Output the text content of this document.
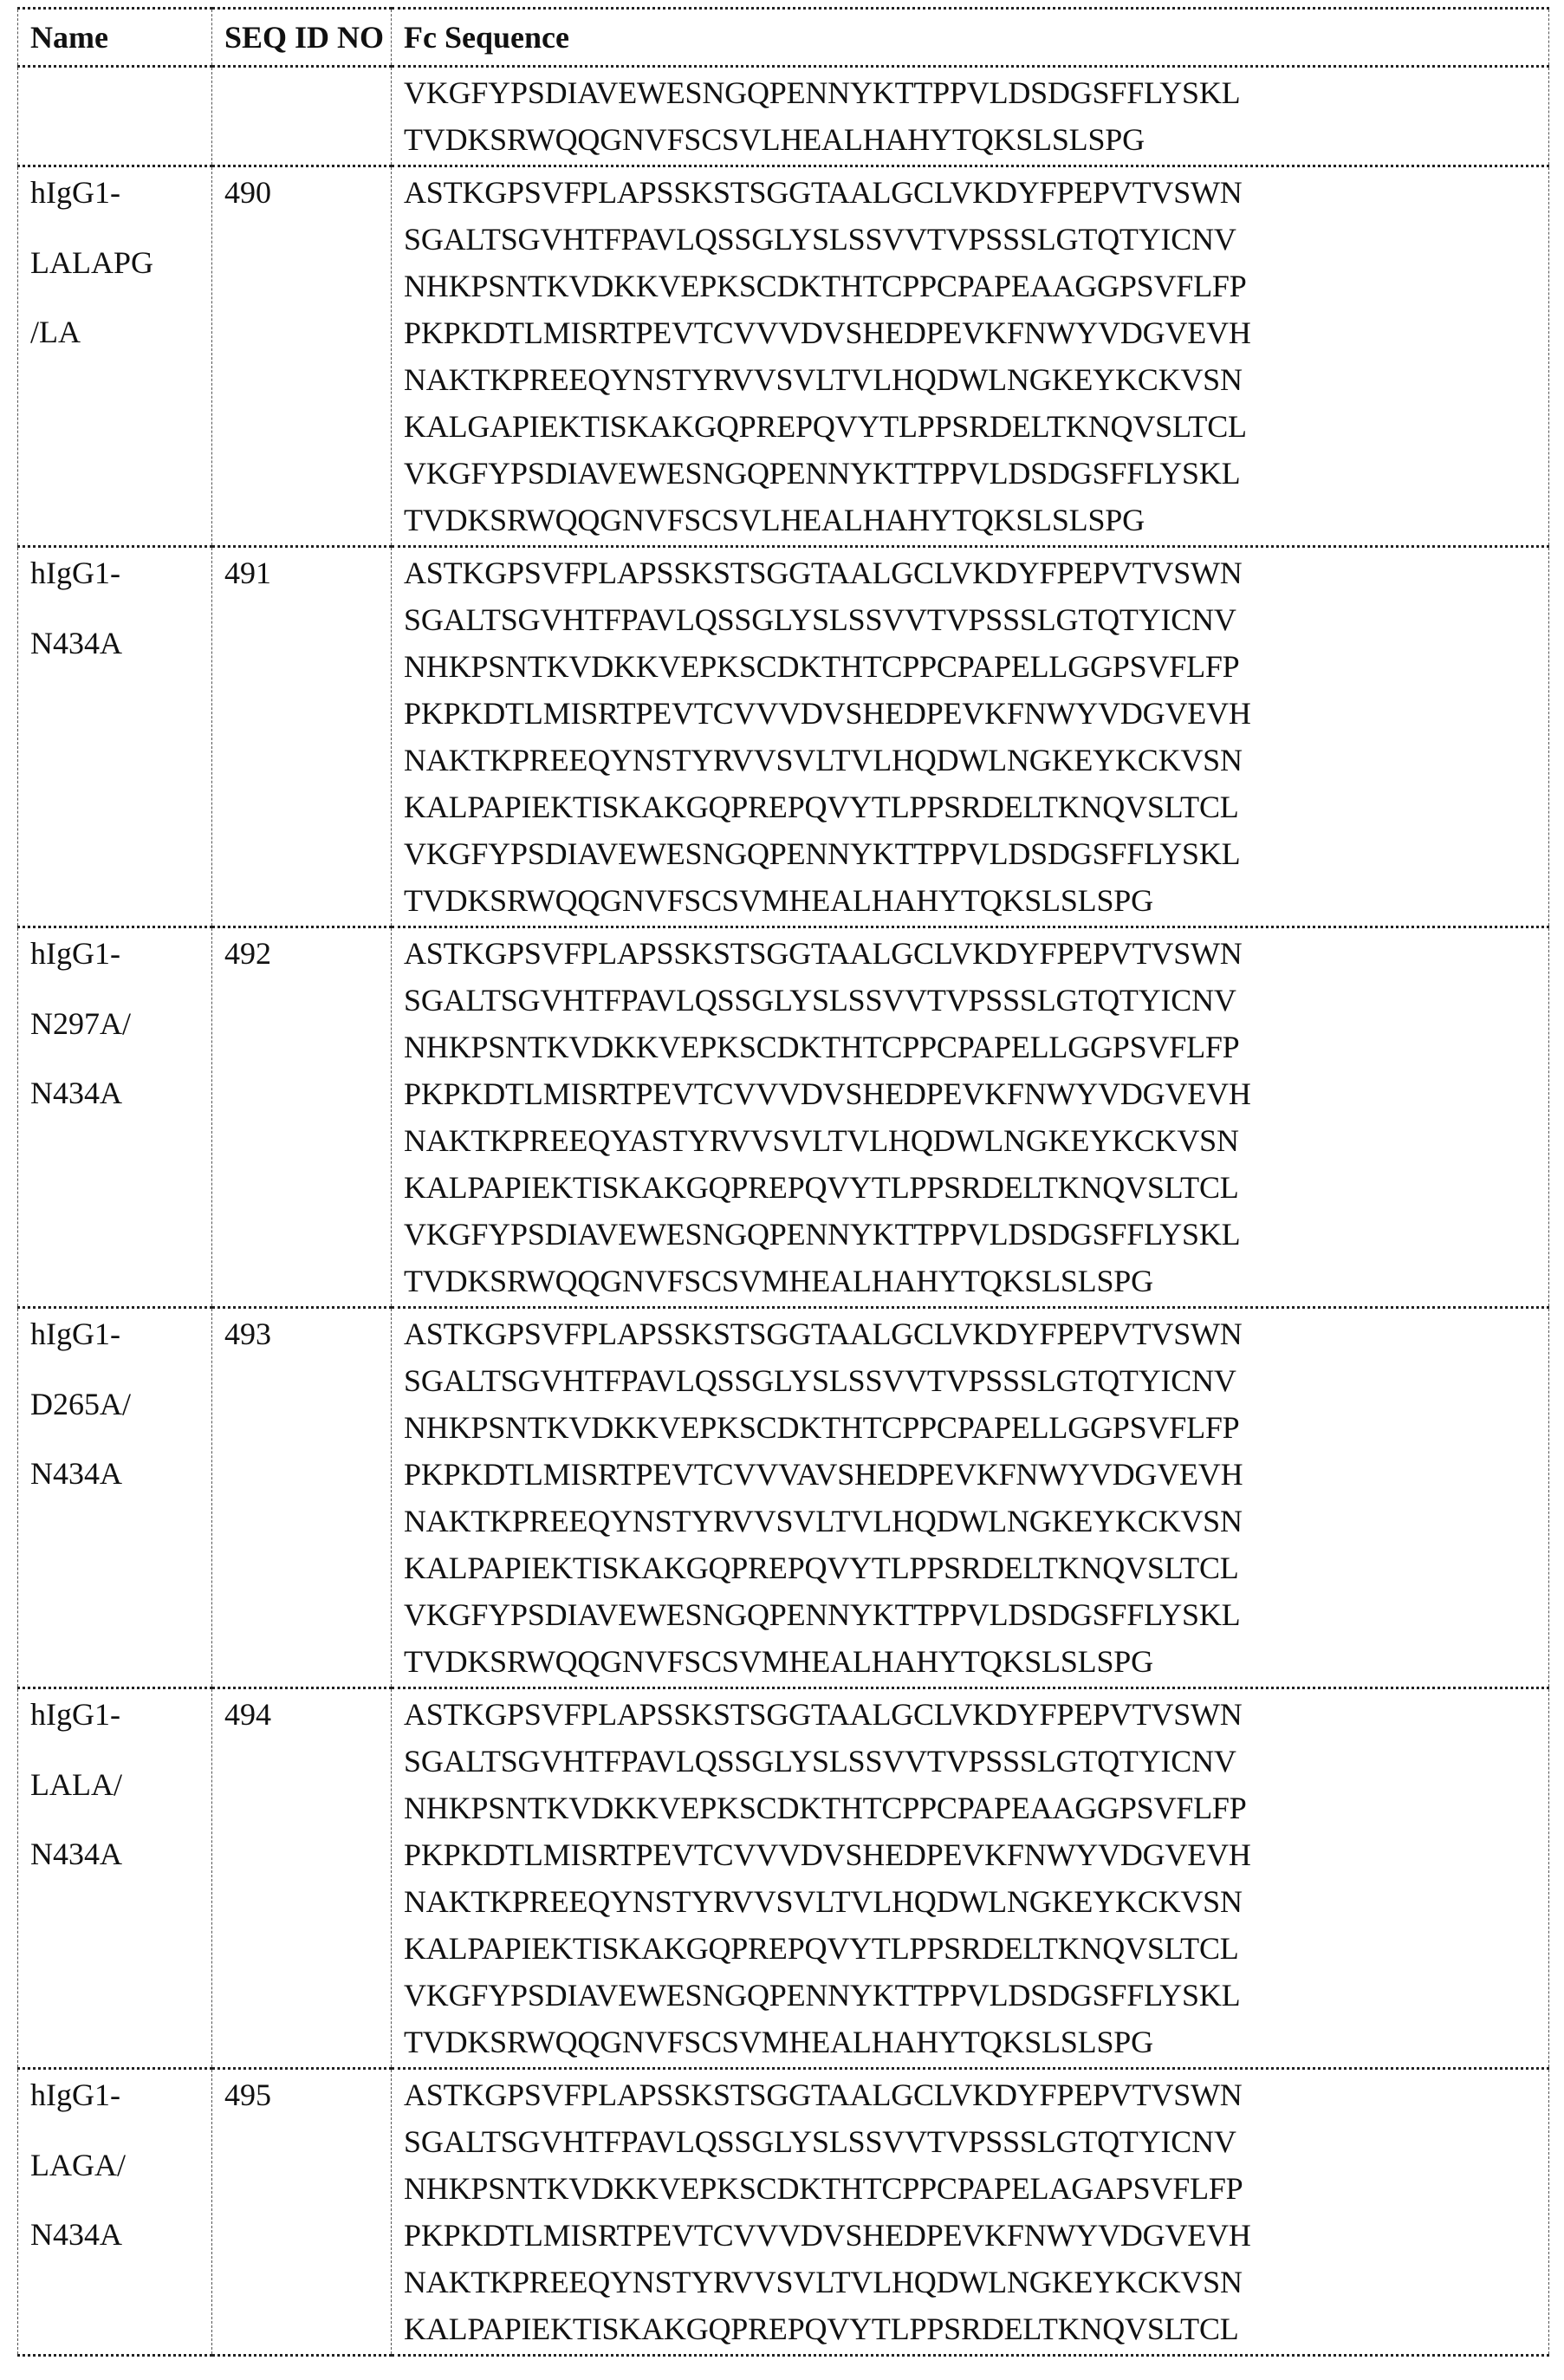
Name	SEQ ID NO	Fc Sequence

VKGFYPSDIAVEWESNGQPENNYKTTPPVLDSDGSFFLYSKL
TVDKSRWQQGNVFSCSVLHEALHAHYTQKSLSLSPG

hIgG1-
LALAPG
/LA
	490	ASTKGPSVFPLAPSSKSTSGGTAALGCLVKDYFPEPVTVSWN
SGALTSGVHTFPAVLQSSGLYSLSSVVTVPSSSLGTQTYICNV
NHKPSNTKVDKKVEPKSCDKTHTCPPCPAPEAAGGPSVFLFP
PKPKDTLMISRTPEVTCVVVDVSHEDPEVKFNWYVDGVEVH
NAKTKPREEQYNSTYRVVSVLTVLHQDWLNGKEYKCKVSN
KALGAPIEKTISKAKGQPREPQVYTLPPSRDELTKNQVSLTCL
VKGFYPSDIAVEWESNGQPENNYKTTPPVLDSDGSFFLYSKL
TVDKSRWQQGNVFSCSVLHEALHAHYTQKSLSLSPG

hIgG1-
N434A
	491	ASTKGPSVFPLAPSSKSTSGGTAALGCLVKDYFPEPVTVSWN
SGALTSGVHTFPAVLQSSGLYSLSSVVTVPSSSLGTQTYICNV
NHKPSNTKVDKKVEPKSCDKTHTCPPCPAPELLGGPSVFLFP
PKPKDTLMISRTPEVTCVVVDVSHEDPEVKFNWYVDGVEVH
NAKTKPREEQYNSTYRVVSVLTVLHQDWLNGKEYKCKVSN
KALPAPIEKTISKAKGQPREPQVYTLPPSRDELTKNQVSLTCL
VKGFYPSDIAVEWESNGQPENNYKTTPPVLDSDGSFFLYSKL
TVDKSRWQQGNVFSCSVMHEALHAHYTQKSLSLSPG

hIgG1-
N297A/
N434A
	492	ASTKGPSVFPLAPSSKSTSGGTAALGCLVKDYFPEPVTVSWN
SGALTSGVHTFPAVLQSSGLYSLSSVVTVPSSSLGTQTYICNV
NHKPSNTKVDKKVEPKSCDKTHTCPPCPAPELLGGPSVFLFP
PKPKDTLMISRTPEVTCVVVDVSHEDPEVKFNWYVDGVEVH
NAKTKPREEQYASTYRVVSVLTVLHQDWLNGKEYKCKVSN
KALPAPIEKTISKAKGQPREPQVYTLPPSRDELTKNQVSLTCL
VKGFYPSDIAVEWESNGQPENNYKTTPPVLDSDGSFFLYSKL
TVDKSRWQQGNVFSCSVMHEALHAHYTQKSLSLSPG

hIgG1-
D265A/
N434A
	493	ASTKGPSVFPLAPSSKSTSGGTAALGCLVKDYFPEPVTVSWN
SGALTSGVHTFPAVLQSSGLYSLSSVVTVPSSSLGTQTYICNV
NHKPSNTKVDKKVEPKSCDKTHTCPPCPAPELLGGPSVFLFP
PKPKDTLMISRTPEVTCVVVAVSHEDPEVKFNWYVDGVEVH
NAKTKPREEQYNSTYRVVSVLTVLHQDWLNGKEYKCKVSN
KALPAPIEKTISKAKGQPREPQVYTLPPSRDELTKNQVSLTCL
VKGFYPSDIAVEWESNGQPENNYKTTPPVLDSDGSFFLYSKL
TVDKSRWQQGNVFSCSVMHEALHAHYTQKSLSLSPG

hIgG1-
LALA/
N434A
	494	ASTKGPSVFPLAPSSKSTSGGTAALGCLVKDYFPEPVTVSWN
SGALTSGVHTFPAVLQSSGLYSLSSVVTVPSSSLGTQTYICNV
NHKPSNTKVDKKVEPKSCDKTHTCPPCPAPEAAGGPSVFLFP
PKPKDTLMISRTPEVTCVVVDVSHEDPEVKFNWYVDGVEVH
NAKTKPREEQYNSTYRVVSVLTVLHQDWLNGKEYKCKVSN
KALPAPIEKTISKAKGQPREPQVYTLPPSRDELTKNQVSLTCL
VKGFYPSDIAVEWESNGQPENNYKTTPPVLDSDGSFFLYSKL
TVDKSRWQQGNVFSCSVMHEALHAHYTQKSLSLSPG

hIgG1-
LAGA/
N434A
	495	ASTKGPSVFPLAPSSKSTSGGTAALGCLVKDYFPEPVTVSWN
SGALTSGVHTFPAVLQSSGLYSLSSVVTVPSSSLGTQTYICNV
NHKPSNTKVDKKVEPKSCDKTHTCPPCPAPELAGAPSVFLFP
PKPKDTLMISRTPEVTCVVVDVSHEDPEVKFNWYVDGVEVH
NAKTKPREEQYNSTYRVVSVLTVLHQDWLNGKEYKCKVSN
KALPAPIEKTISKAKGQPREPQVYTLPPSRDELTKNQVSLTCL
